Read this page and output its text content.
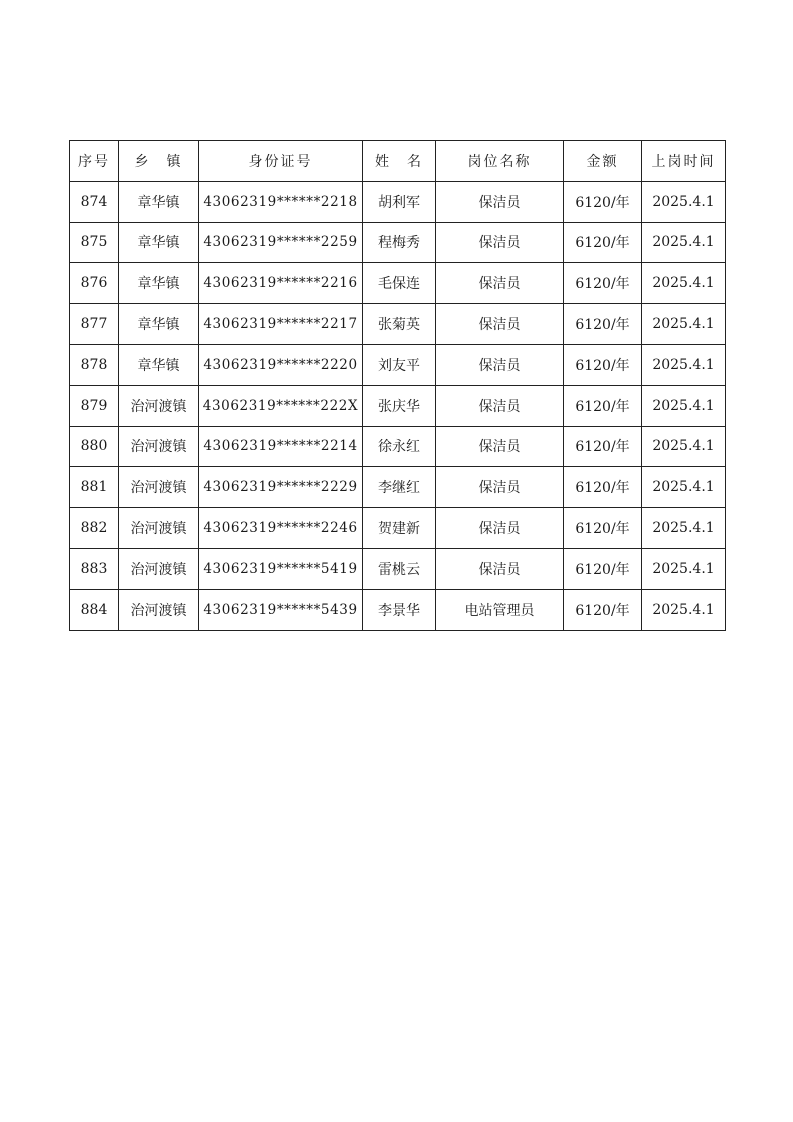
序号	乡　镇	身份证号	姓　名	岗位名称	金额	上岗时间
874	章华镇	43062319******2218	胡利军	保洁员	6120/年	2025.4.1
875	章华镇	43062319******2259	程梅秀	保洁员	6120/年	2025.4.1
876	章华镇	43062319******2216	毛保连	保洁员	6120/年	2025.4.1
877	章华镇	43062319******2217	张菊英	保洁员	6120/年	2025.4.1
878	章华镇	43062319******2220	刘友平	保洁员	6120/年	2025.4.1
879	治河渡镇	43062319******222X	张庆华	保洁员	6120/年	2025.4.1
880	治河渡镇	43062319******2214	徐永红	保洁员	6120/年	2025.4.1
881	治河渡镇	43062319******2229	李继红	保洁员	6120/年	2025.4.1
882	治河渡镇	43062319******2246	贺建新	保洁员	6120/年	2025.4.1
883	治河渡镇	43062319******5419	雷桃云	保洁员	6120/年	2025.4.1
884	治河渡镇	43062319******5439	李景华	电站管理员	6120/年	2025.4.1
